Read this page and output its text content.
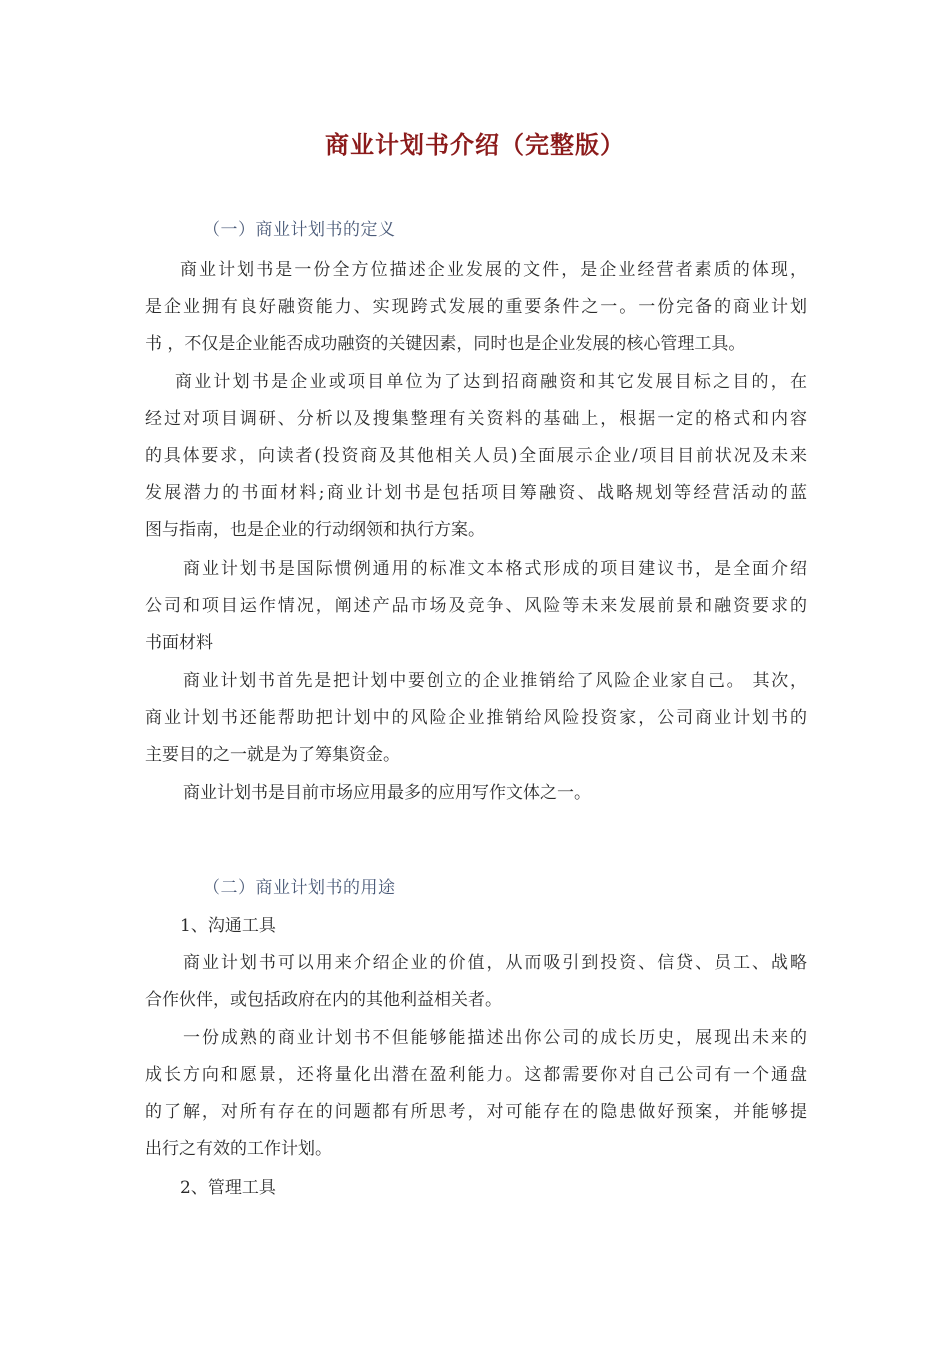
商业计划书介绍（完整版）
（一）商业计划书的定义
商业计划书是一份全方位描述企业发展的文件，是企业经营者素质的体现，
是企业拥有良好融资能力、实现跨式发展的重要条件之一。一份完备的商业计划
书 ，不仅是企业能否成功融资的关键因素，同时也是企业发展的核心管理工具。
商业计划书是企业或项目单位为了达到招商融资和其它发展目标之目的，在
经过对项目调研、分析以及搜集整理有关资料的基础上，根据一定的格式和内容
的具体要求，向读者(投资商及其他相关人员)全面展示企业/项目目前状况及未来
发展潜力的书面材料;商业计划书是包括项目筹融资、战略规划等经营活动的蓝
图与指南，也是企业的行动纲领和执行方案。
商业计划书是国际惯例通用的标准文本格式形成的项目建议书，是全面介绍
公司和项目运作情况，阐述产品市场及竞争、风险等未来发展前景和融资要求的
书面材料
商业计划书首先是把计划中要创立的企业推销给了风险企业家自己。 其次，
商业计划书还能帮助把计划中的风险企业推销给风险投资家，公司商业计划书的
主要目的之一就是为了筹集资金。
商业计划书是目前市场应用最多的应用写作文体之一。
（二）商业计划书的用途
1、沟通工具
商业计划书可以用来介绍企业的价值，从而吸引到投资、信贷、员工、战略
合作伙伴，或包括政府在内的其他利益相关者。
一份成熟的商业计划书不但能够能描述出你公司的成长历史，展现出未来的
成长方向和愿景，还将量化出潜在盈利能力。这都需要你对自己公司有一个通盘
的了解，对所有存在的问题都有所思考，对可能存在的隐患做好预案，并能够提
出行之有效的工作计划。
2、管理工具
